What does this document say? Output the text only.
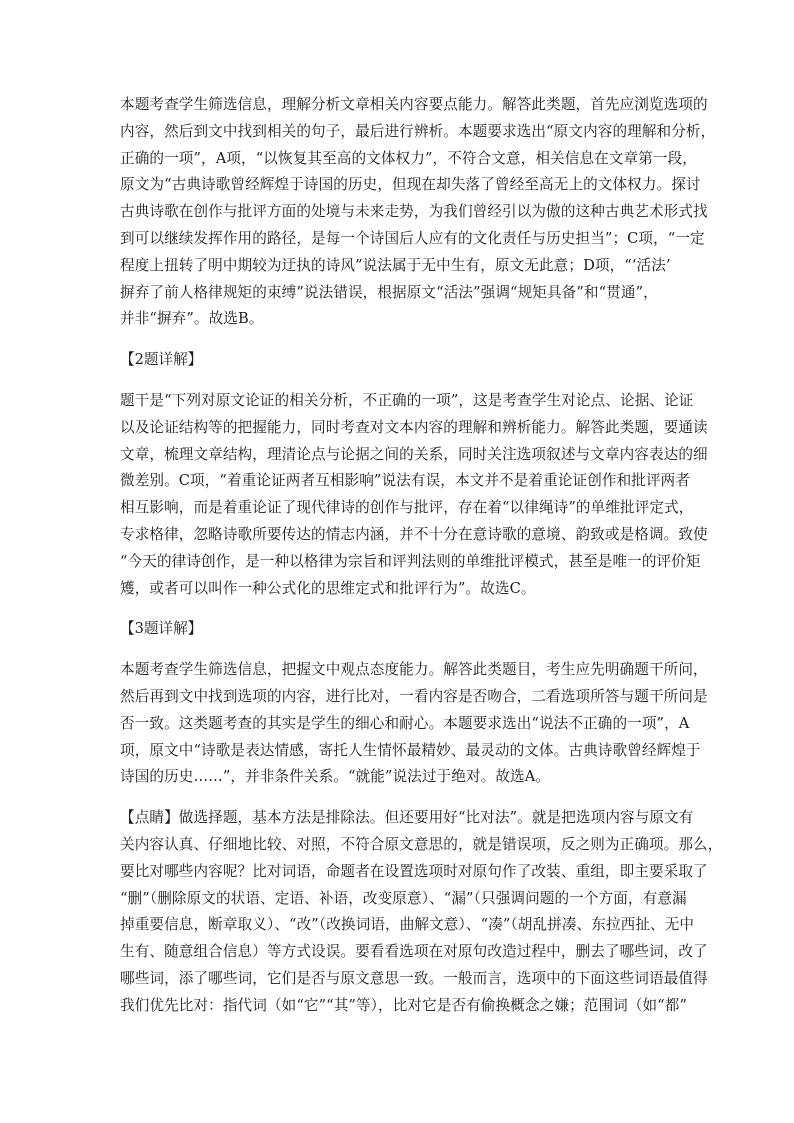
本题考查学生筛选信息，理解分析文章相关内容要点能力。解答此类题，首先应浏览选项的
内容，然后到文中找到相关的句子，最后进行辨析。本题要求选出“原文内容的理解和分析，
正确的一项”，A项，“以恢复其至高的文体权力”，不符合文意，相关信息在文章第一段，
原文为“古典诗歌曾经辉煌于诗国的历史，但现在却失落了曾经至高无上的文体权力。探讨
古典诗歌在创作与批评方面的处境与未来走势，为我们曾经引以为傲的这种古典艺术形式找
到可以继续发挥作用的路径，是每一个诗国后人应有的文化责任与历史担当”；C项，“一定
程度上扭转了明中期较为迂执的诗风”说法属于无中生有，原文无此意；D项，“‘活法’
摒弃了前人格律规矩的束缚”说法错误，根据原文“活法”强调“规矩具备”和“贯通”，
并非“摒弃”。故选B。

【2题详解】

题干是“下列对原文论证的相关分析，不正确的一项”，这是考查学生对论点、论据、论证
以及论证结构等的把握能力，同时考查对文本内容的理解和辨析能力。解答此类题，要通读
文章，梳理文章结构，理清论点与论据之间的关系，同时关注选项叙述与文章内容表达的细
微差别。C项，“着重论证两者互相影响”说法有误，本文并不是着重论证创作和批评两者
相互影响，而是着重论证了现代律诗的创作与批评，存在着“以律绳诗”的单维批评定式，
专求格律，忽略诗歌所要传达的情志内涵，并不十分在意诗歌的意境、韵致或是格调。致使
“今天的律诗创作，是一种以格律为宗旨和评判法则的单维批评模式，甚至是唯一的评价矩
矱，或者可以叫作一种公式化的思维定式和批评行为”。故选C。

【3题详解】

本题考查学生筛选信息，把握文中观点态度能力。解答此类题目，考生应先明确题干所问，
然后再到文中找到选项的内容，进行比对，一看内容是否吻合，二看选项所答与题干所问是
否一致。这类题考查的其实是学生的细心和耐心。本题要求选出“说法不正确的一项”，A
项，原文中“诗歌是表达情感，寄托人生情怀最精妙、最灵动的文体。古典诗歌曾经辉煌于
诗国的历史……”，并非条件关系。“就能”说法过于绝对。故选A。

【点睛】做选择题，基本方法是排除法。但还要用好“比对法”。就是把选项内容与原文有
关内容认真、仔细地比较、对照，不符合原文意思的，就是错误项，反之则为正确项。那么，
要比对哪些内容呢？比对词语，命题者在设置选项时对原句作了改装、重组，即主要采取了
“删”（删除原文的状语、定语、补语，改变原意）、“漏”（只强调问题的一个方面，有意漏
掉重要信息，断章取义）、“改”（改换词语，曲解文意）、“凑”（胡乱拼凑、东拉西扯、无中
生有、随意组合信息）等方式设误。要看看选项在对原句改造过程中，删去了哪些词，改了
哪些词，添了哪些词，它们是否与原文意思一致。一般而言，选项中的下面这些词语最值得
我们优先比对：指代词（如“它”“其”等），比对它是否有偷换概念之嫌；范围词（如“都”
